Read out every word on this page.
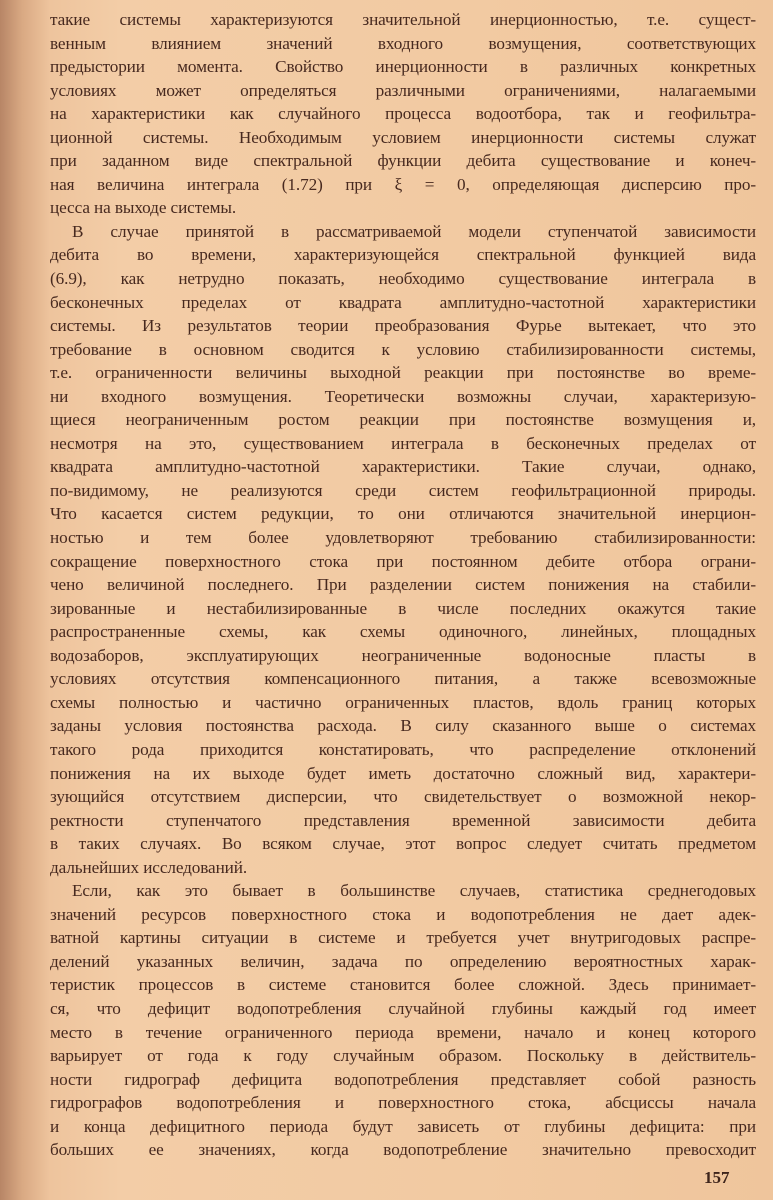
такие системы характеризуются значительной инерционностью, т.е. сущест-
венным влиянием значений входного возмущения, соответствующих
предыстории момента. Свойство инерционности в различных конкретных
условиях может определяться различными ограничениями, налагаемыми
на характеристики как случайного процесса водоотбора, так и геофильтра-
ционной системы. Необходимым условием инерционности системы служат
при заданном виде спектральной функции дебита существование и конеч-
ная величина интеграла (1.72) при ξ = 0, определяющая дисперсию про-
цесса на выходе системы.
В случае принятой в рассматриваемой модели ступенчатой зависимости
дебита во времени, характеризующейся спектральной функцией вида
(6.9), как нетрудно показать, необходимо существование интеграла в
бесконечных пределах от квадрата амплитудно-частотной характеристики
системы. Из результатов теории преобразования Фурье вытекает, что это
требование в основном сводится к условию стабилизированности системы,
т.е. ограниченности величины выходной реакции при постоянстве во време-
ни входного возмущения. Теоретически возможны случаи, характеризую-
щиеся неограниченным ростом реакции при постоянстве возмущения и,
несмотря на это, существованием интеграла в бесконечных пределах от
квадрата амплитудно-частотной характеристики. Такие случаи, однако,
по-видимому, не реализуются среди систем геофильтрационной природы.
Что касается систем редукции, то они отличаются значительной инерцион-
ностью и тем более удовлетворяют требованию стабилизированности:
сокращение поверхностного стока при постоянном дебите отбора ограни-
чено величиной последнего. При разделении систем понижения на стабили-
зированные и нестабилизированные в числе последних окажутся такие
распространенные схемы, как схемы одиночного, линейных, площадных
водозаборов, эксплуатирующих неограниченные водоносные пласты в
условиях отсутствия компенсационного питания, а также всевозможные
схемы полностью и частично ограниченных пластов, вдоль границ которых
заданы условия постоянства расхода. В силу сказанного выше о системах
такого рода приходится констатировать, что распределение отклонений
понижения на их выходе будет иметь достаточно сложный вид, характери-
зующийся отсутствием дисперсии, что свидетельствует о возможной некор-
ректности ступенчатого представления временной зависимости дебита
в таких случаях. Во всяком случае, этот вопрос следует считать предметом
дальнейших исследований.
Если, как это бывает в большинстве случаев, статистика среднегодовых
значений ресурсов поверхностного стока и водопотребления не дает адек-
ватной картины ситуации в системе и требуется учет внутригодовых распре-
делений указанных величин, задача по определению вероятностных харак-
теристик процессов в системе становится более сложной. Здесь принимает-
ся, что дефицит водопотребления случайной глубины каждый год имеет
место в течение ограниченного периода времени, начало и конец которого
варьирует от года к году случайным образом. Поскольку в действитель-
ности гидрограф дефицита водопотребления представляет собой разность
гидрографов водопотребления и поверхностного стока, абсциссы начала
и конца дефицитного периода будут зависеть от глубины дефицита: при
больших ее значениях, когда водопотребление значительно превосходит
157
